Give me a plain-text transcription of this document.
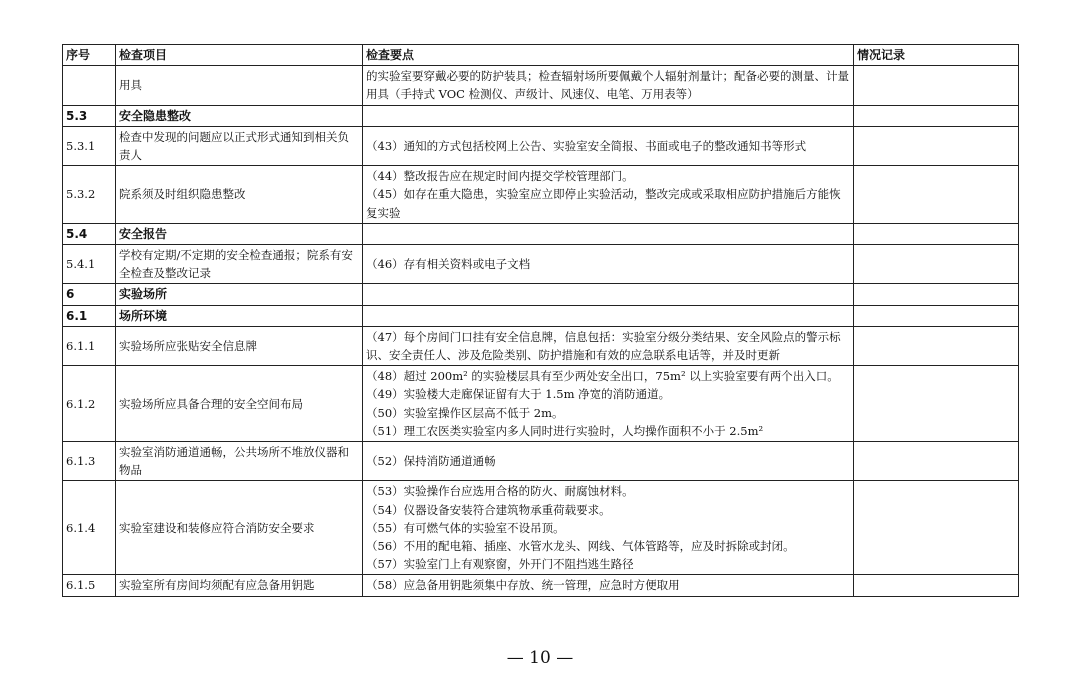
序号	检查项目	检查要点	情况记录
	用具	的实验室要穿戴必要的防护装具；检查辐射场所要佩戴个人辐射剂量计；配备必要的测量、计量用具（手持式 VOC 检测仪、声级计、风速仪、电笔、万用表等）	

5.3	安全隐患整改		
5.3.1	检查中发现的问题应以正式形式通知到相关负责人	（43）通知的方式包括校网上公告、实验室安全简报、书面或电子的整改通知书等形式	

5.3.2	院系须及时组织隐患整改	（44）整改报告应在规定时间内提交学校管理部门。
（45）如存在重大隐患，实验室应立即停止实验活动，整改完成或采取相应防护措施后方能恢复实验	

5.4	安全报告		
5.4.1	学校有定期/不定期的安全检查通报；院系有安全检查及整改记录	（46）存有相关资料或电子文档	

6	实验场所		
6.1	场所环境		
6.1.1	实验场所应张贴安全信息牌	（47）每个房间门口挂有安全信息牌，信息包括：实验室分级分类结果、安全风险点的警示标识、安全责任人、涉及危险类别、防护措施和有效的应急联系电话等，并及时更新	

6.1.2	实验场所应具备合理的安全空间布局	（48）超过 200m² 的实验楼层具有至少两处安全出口，75m² 以上实验室要有两个出入口。
（49）实验楼大走廊保证留有大于 1.5m 净宽的消防通道。
（50）实验室操作区层高不低于 2m。
（51）理工农医类实验室内多人同时进行实验时，人均操作面积不小于 2.5m²	

6.1.3	实验室消防通道通畅，公共场所不堆放仪器和物品	（52）保持消防通道通畅	

6.1.4	实验室建设和装修应符合消防安全要求	（53）实验操作台应选用合格的防火、耐腐蚀材料。
（54）仪器设备安装符合建筑物承重荷载要求。
（55）有可燃气体的实验室不设吊顶。
（56）不用的配电箱、插座、水管水龙头、网线、气体管路等，应及时拆除或封闭。
（57）实验室门上有观察窗，外开门不阻挡逃生路径	

6.1.5	实验室所有房间均须配有应急备用钥匙	（58）应急备用钥匙须集中存放、统一管理，应急时方便取用	

— 10 —
